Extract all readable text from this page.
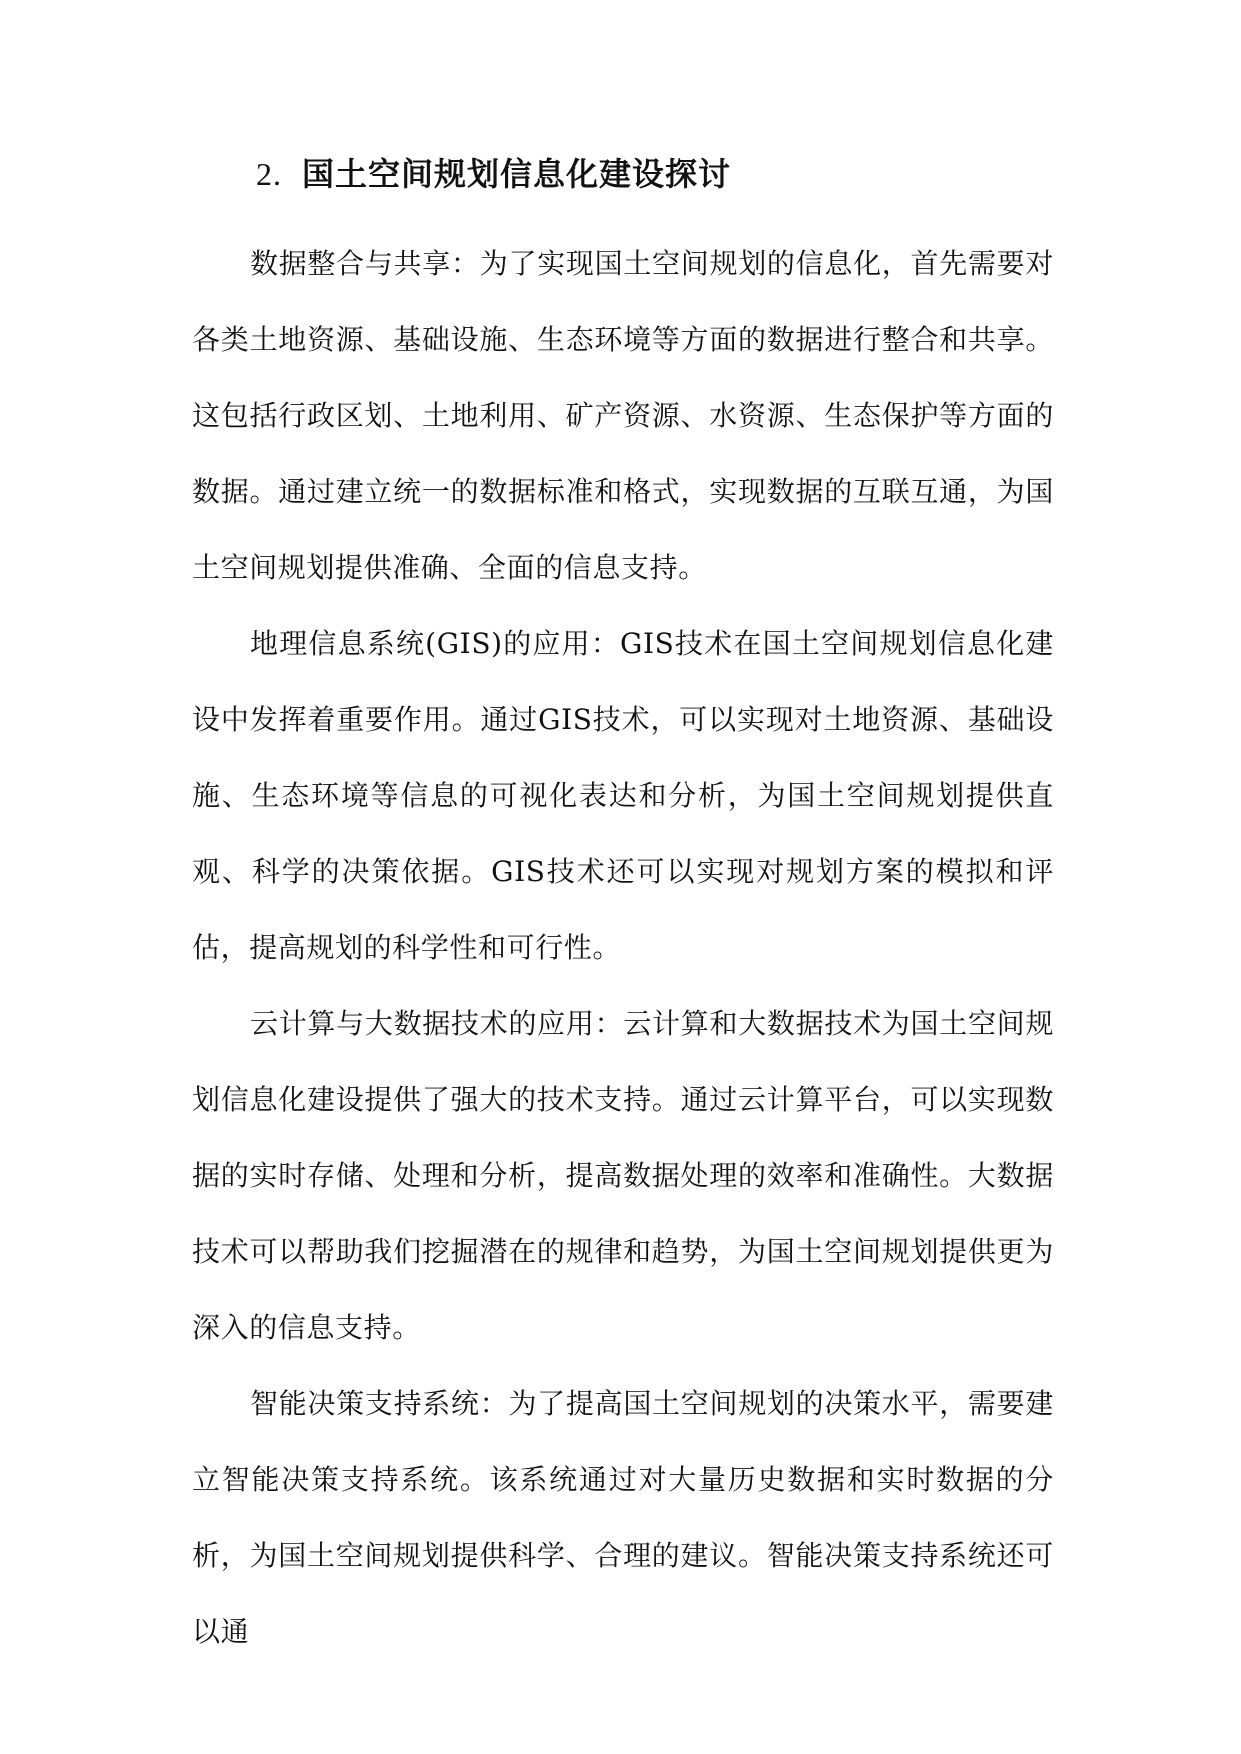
2. 国土空间规划信息化建设探讨

数据整合与共享：为了实现国土空间规划的信息化，首先需要对各类土地资源、基础设施、生态环境等方面的数据进行整合和共享。这包括行政区划、土地利用、矿产资源、水资源、生态保护等方面的数据。通过建立统一的数据标准和格式，实现数据的互联互通，为国土空间规划提供准确、全面的信息支持。

地理信息系统(GIS)的应用：GIS技术在国土空间规划信息化建设中发挥着重要作用。通过GIS技术，可以实现对土地资源、基础设施、生态环境等信息的可视化表达和分析，为国土空间规划提供直观、科学的决策依据。GIS技术还可以实现对规划方案的模拟和评估，提高规划的科学性和可行性。

云计算与大数据技术的应用：云计算和大数据技术为国土空间规划信息化建设提供了强大的技术支持。通过云计算平台，可以实现数据的实时存储、处理和分析，提高数据处理的效率和准确性。大数据技术可以帮助我们挖掘潜在的规律和趋势，为国土空间规划提供更为深入的信息支持。

智能决策支持系统：为了提高国土空间规划的决策水平，需要建立智能决策支持系统。该系统通过对大量历史数据和实时数据的分析，为国土空间规划提供科学、合理的建议。智能决策支持系统还可以通
